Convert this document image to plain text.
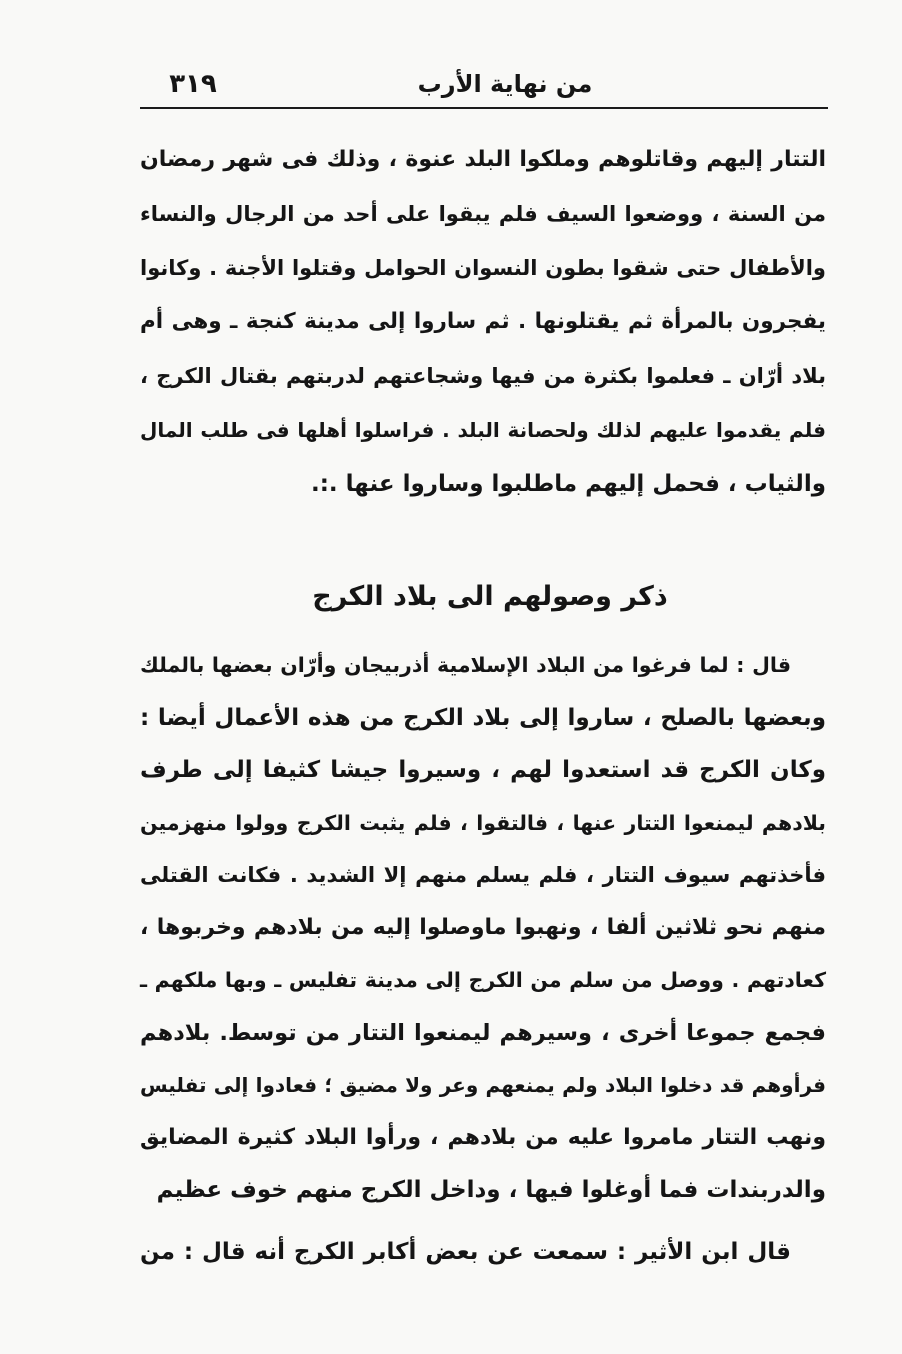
من نهاية الأرب
٣١٩
التتار إليهم وقاتلوهم وملكوا البلد عنوة ، وذلك فى شهر رمضان
من السنة ، ووضعوا السيف فلم يبقوا على أحد من الرجال والنساء
والأطفال حتى شقوا بطون النسوان الحوامل وقتلوا الأجنة . وكانوا
يفجرون بالمرأة ثم يقتلونها . ثم ساروا إلى مدينة كنجة ـ وهى أم
بلاد أرّان ـ فعلموا بكثرة من فيها وشجاعتهم لدربتهم بقتال الكرج ،
فلم يقدموا عليهم لذلك ولحصانة البلد . فراسلوا أهلها فى طلب المال
والثياب ، فحمل إليهم ماطلبوا وساروا عنها .:.
ذكر وصولهم الى بلاد الكرج
قال : لما فرغوا من البلاد الإسلامية أذربيجان وأرّان بعضها بالملك
وبعضها بالصلح ، ساروا إلى بلاد الكرج من هذه الأعمال أيضا :
وكان الكرج قد استعدوا لهم ، وسيروا جيشا كثيفا إلى طرف
بلادهم ليمنعوا التتار عنها ، فالتقوا ، فلم يثبت الكرج وولوا منهزمين
فأخذتهم سيوف التتار ، فلم يسلم منهم إلا الشديد . فكانت القتلى
منهم نحو ثلاثين ألفا ، ونهبوا ماوصلوا إليه من بلادهم وخربوها ،
كعادتهم . ووصل من سلم من الكرج إلى مدينة تفليس ـ وبها ملكهم ـ
فجمع جموعا أخرى ، وسيرهم ليمنعوا التتار من توسط. بلادهم
فرأوهم قد دخلوا البلاد ولم يمنعهم وعر ولا مضيق ؛ فعادوا إلى تفليس
ونهب التتار مامروا عليه من بلادهم ، ورأوا البلاد كثيرة المضايق
والدربندات فما أوغلوا فيها ، وداخل الكرج منهم خوف عظيم
قال ابن الأثير : سمعت عن بعض أكابر الكرج أنه قال : من
